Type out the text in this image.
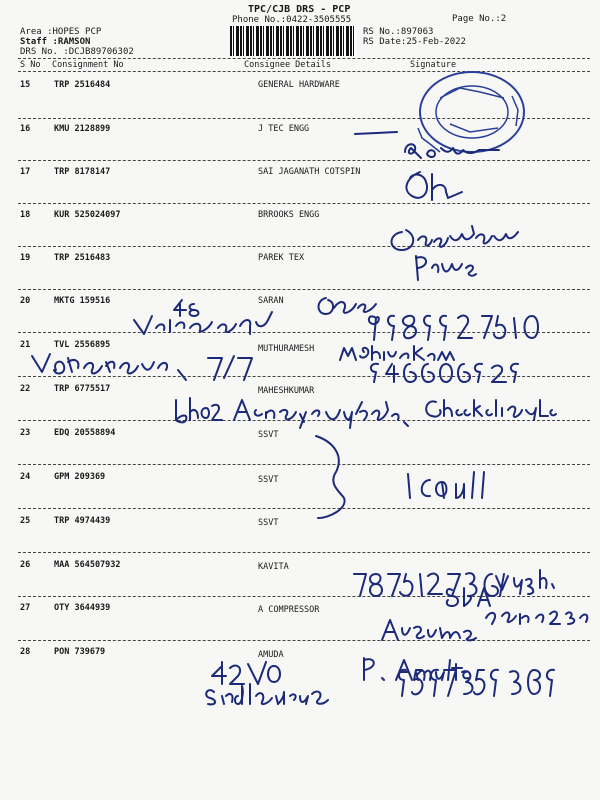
TPC/CJB DRS - PCP
Phone No.:0422-3505555	Page No.:2
Area :HOPES PCP
Staff :RAMSON
DRS No. :DCJB89706302
RS No.:897063
RS Date:25-Feb-2022
S No Consignment No	Consignee Details	Signature
15	TRP 2516484	GENERAL HARDWARE
16	KMU 2128899	J TEC ENGG
17	TRP 8178147	SAI JAGANATH COTSPIN
18	KUR 525024097	BRROOKS ENGG
19	TRP 2516483	PAREK TEX
20	MKTG 159516	SARAN
21	TVL 2556895	MUTHURAMESH
22	TRP 6775517	MAHESHKUMAR
23	EDQ 20558894	SSVT
24	GPM 209369	SSVT
25	TRP 4974439	SSVT
26	MAA 564507932	KAVITA
27	OTY 3644939	A COMPRESSOR
28	PON 739679	AMUDA
